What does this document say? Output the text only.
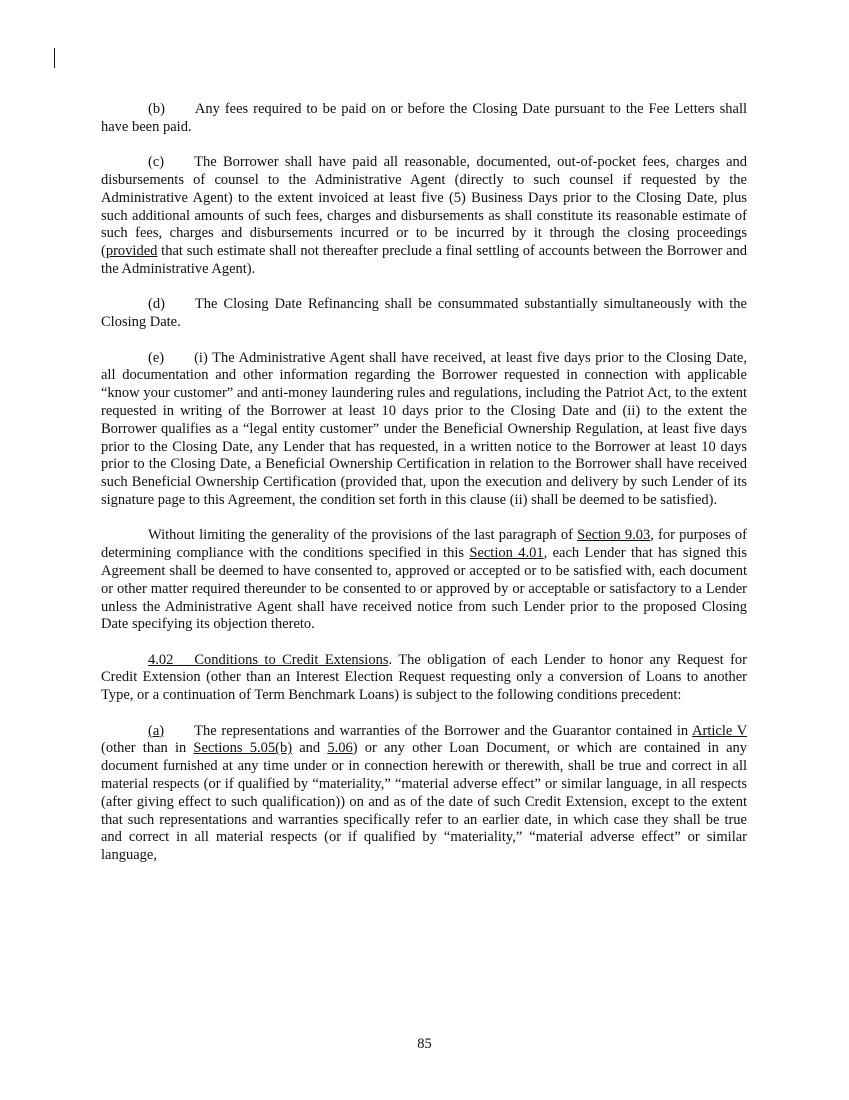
(b) Any fees required to be paid on or before the Closing Date pursuant to the Fee Letters shall have been paid.

(c) The Borrower shall have paid all reasonable, documented, out-of-pocket fees, charges and disbursements of counsel to the Administrative Agent (directly to such counsel if requested by the Administrative Agent) to the extent invoiced at least five (5) Business Days prior to the Closing Date, plus such additional amounts of such fees, charges and disbursements as shall constitute its reasonable estimate of such fees, charges and disbursements incurred or to be incurred by it through the closing proceedings (provided that such estimate shall not thereafter preclude a final settling of accounts between the Borrower and the Administrative Agent).

(d) The Closing Date Refinancing shall be consummated substantially simultaneously with the Closing Date.

(e) (i) The Administrative Agent shall have received, at least five days prior to the Closing Date, all documentation and other information regarding the Borrower requested in connection with applicable “know your customer” and anti-money laundering rules and regulations, including the Patriot Act, to the extent requested in writing of the Borrower at least 10 days prior to the Closing Date and (ii) to the extent the Borrower qualifies as a “legal entity customer” under the Beneficial Ownership Regulation, at least five days prior to the Closing Date, any Lender that has requested, in a written notice to the Borrower at least 10 days prior to the Closing Date, a Beneficial Ownership Certification in relation to the Borrower shall have received such Beneficial Ownership Certification (provided that, upon the execution and delivery by such Lender of its signature page to this Agreement, the condition set forth in this clause (ii) shall be deemed to be satisfied).

Without limiting the generality of the provisions of the last paragraph of Section 9.03, for purposes of determining compliance with the conditions specified in this Section 4.01, each Lender that has signed this Agreement shall be deemed to have consented to, approved or accepted or to be satisfied with, each document or other matter required thereunder to be consented to or approved by or acceptable or satisfactory to a Lender unless the Administrative Agent shall have received notice from such Lender prior to the proposed Closing Date specifying its objection thereto.

4.02  Conditions to Credit Extensions. The obligation of each Lender to honor any Request for Credit Extension (other than an Interest Election Request requesting only a conversion of Loans to another Type, or a continuation of Term Benchmark Loans) is subject to the following conditions precedent:

(a) The representations and warranties of the Borrower and the Guarantor contained in Article V (other than in Sections 5.05(b) and 5.06) or any other Loan Document, or which are contained in any document furnished at any time under or in connection herewith or therewith, shall be true and correct in all material respects (or if qualified by “materiality,” “material adverse effect” or similar language, in all respects (after giving effect to such qualification)) on and as of the date of such Credit Extension, except to the extent that such representations and warranties specifically refer to an earlier date, in which case they shall be true and correct in all material respects (or if qualified by “materiality,” “material adverse effect” or similar language,

85
